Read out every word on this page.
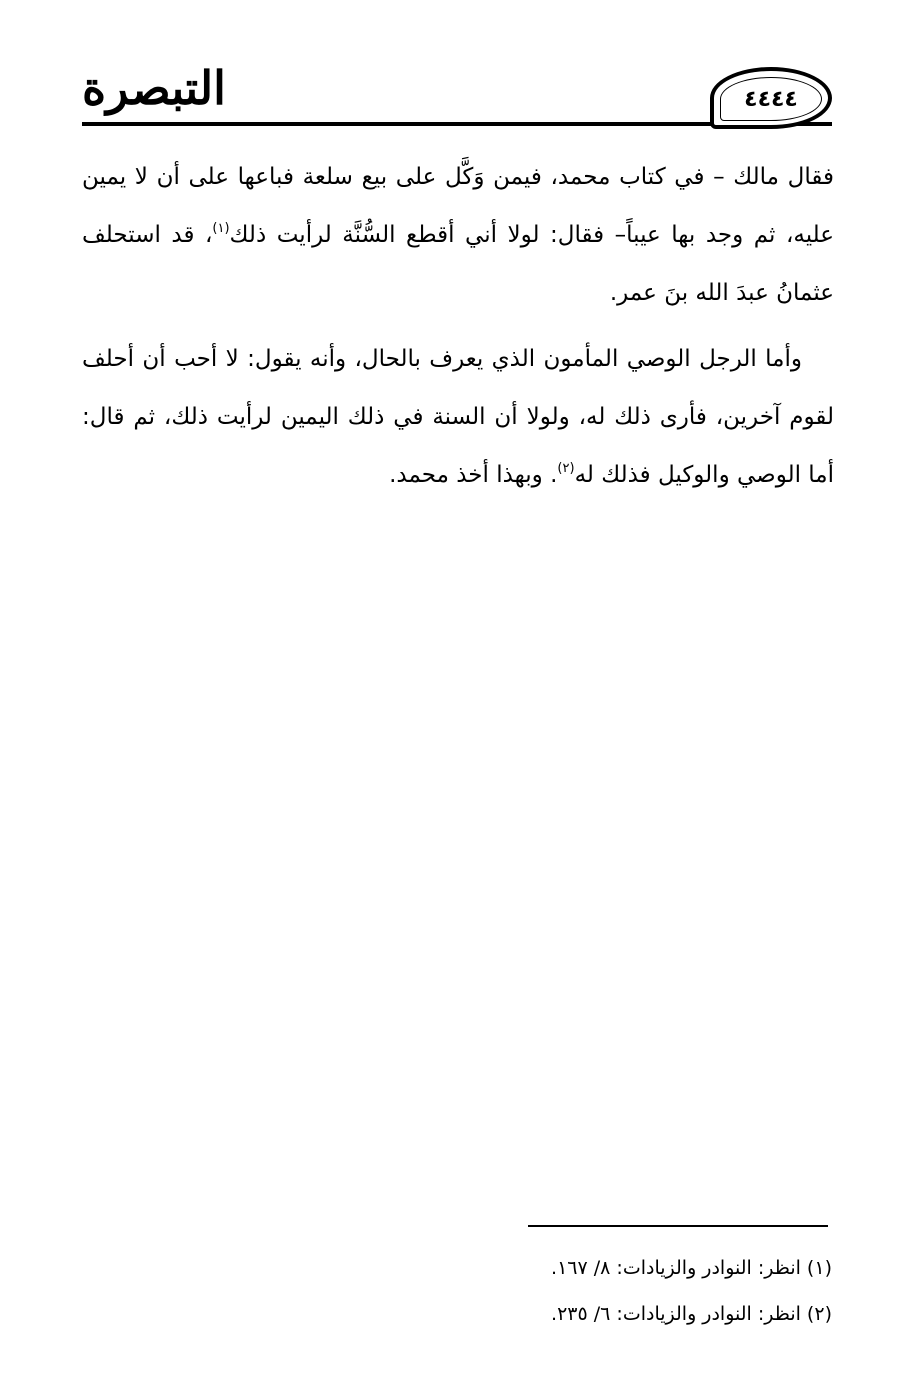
التبصرة	٤٤٤٤

فقال مالك – في كتاب محمد، فيمن وَكَّل على بيع سلعة فباعها على أن لا يمين عليه، ثم وجد بها عيباً– فقال: لولا أني أقطع السُّنَّة لرأيت ذلك$^{(١)}$، قد استحلف عثمانُ عبدَ الله بنَ عمر.

وأما الرجل الوصي المأمون الذي يعرف بالحال، وأنه يقول: لا أحب أن أحلف لقوم آخرين، فأرى ذلك له، ولولا أن السنة في ذلك اليمين لرأيت ذلك، ثم قال: أما الوصي والوكيل فذلك له$^{(٢)}$. وبهذا أخذ محمد.

(١) انظر: النوادر والزيادات: ٨/ ١٦٧.

(٢) انظر: النوادر والزيادات: ٦/ ٢٣٥.
